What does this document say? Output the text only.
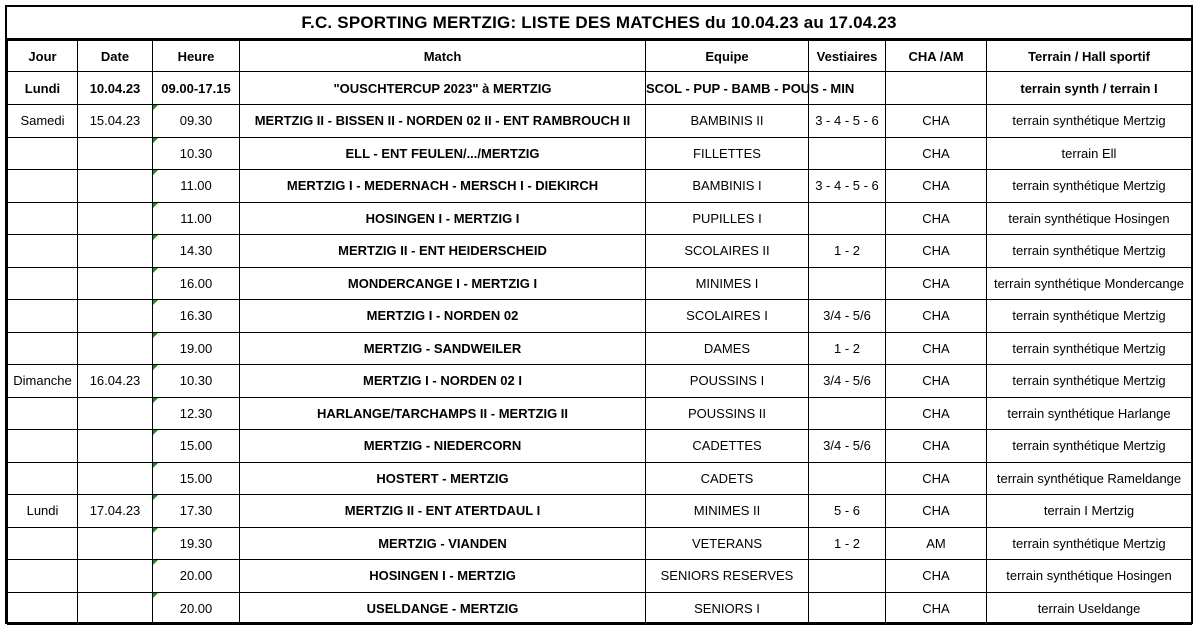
F.C. SPORTING MERTZIG: LISTE DES MATCHES du 10.04.23 au 17.04.23
Jour	Date	Heure	Match	Equipe	Vestiaires	CHA /AM	Terrain / Hall sportif
Lundi	10.04.23	09.00-17.15	"OUSCHTERCUP 2023" à MERTZIG	SCOL - PUP - BAMB - POUS - MIN			terrain synth / terrain I
Samedi	15.04.23	09.30	MERTZIG II - BISSEN II - NORDEN 02 II - ENT RAMBROUCH II	BAMBINIS II	3 - 4 - 5 - 6	CHA	terrain synthétique Mertzig
		10.30	ELL - ENT FEULEN/.../MERTZIG	FILLETTES		CHA	terrain Ell
		11.00	MERTZIG I - MEDERNACH - MERSCH I - DIEKIRCH	BAMBINIS I	3 - 4 - 5 - 6	CHA	terrain synthétique Mertzig
		11.00	HOSINGEN I - MERTZIG I	PUPILLES I		CHA	terain synthétique Hosingen
		14.30	MERTZIG II - ENT HEIDERSCHEID	SCOLAIRES II	1 - 2	CHA	terrain synthétique Mertzig
		16.00	MONDERCANGE I - MERTZIG I	MINIMES I		CHA	terrain synthétique Mondercange
		16.30	MERTZIG I - NORDEN 02	SCOLAIRES I	3/4 - 5/6	CHA	terrain synthétique Mertzig
		19.00	MERTZIG - SANDWEILER	DAMES	1 - 2	CHA	terrain synthétique Mertzig
Dimanche	16.04.23	10.30	MERTZIG I - NORDEN 02 I	POUSSINS I	3/4 - 5/6	CHA	terrain synthétique Mertzig
		12.30	HARLANGE/TARCHAMPS II - MERTZIG II	POUSSINS II		CHA	terrain synthétique Harlange
		15.00	MERTZIG - NIEDERCORN	CADETTES	3/4 - 5/6	CHA	terrain synthétique Mertzig
		15.00	HOSTERT - MERTZIG	CADETS		CHA	terrain synthétique Rameldange
Lundi	17.04.23	17.30	MERTZIG II - ENT ATERTDAUL I	MINIMES II	5 - 6	CHA	terrain I Mertzig
		19.30	MERTZIG - VIANDEN	VETERANS	1 - 2	AM	terrain synthétique Mertzig
		20.00	HOSINGEN I - MERTZIG	SENIORS RESERVES		CHA	terrain synthétique Hosingen
		20.00	USELDANGE - MERTZIG	SENIORS I		CHA	terrain Useldange
